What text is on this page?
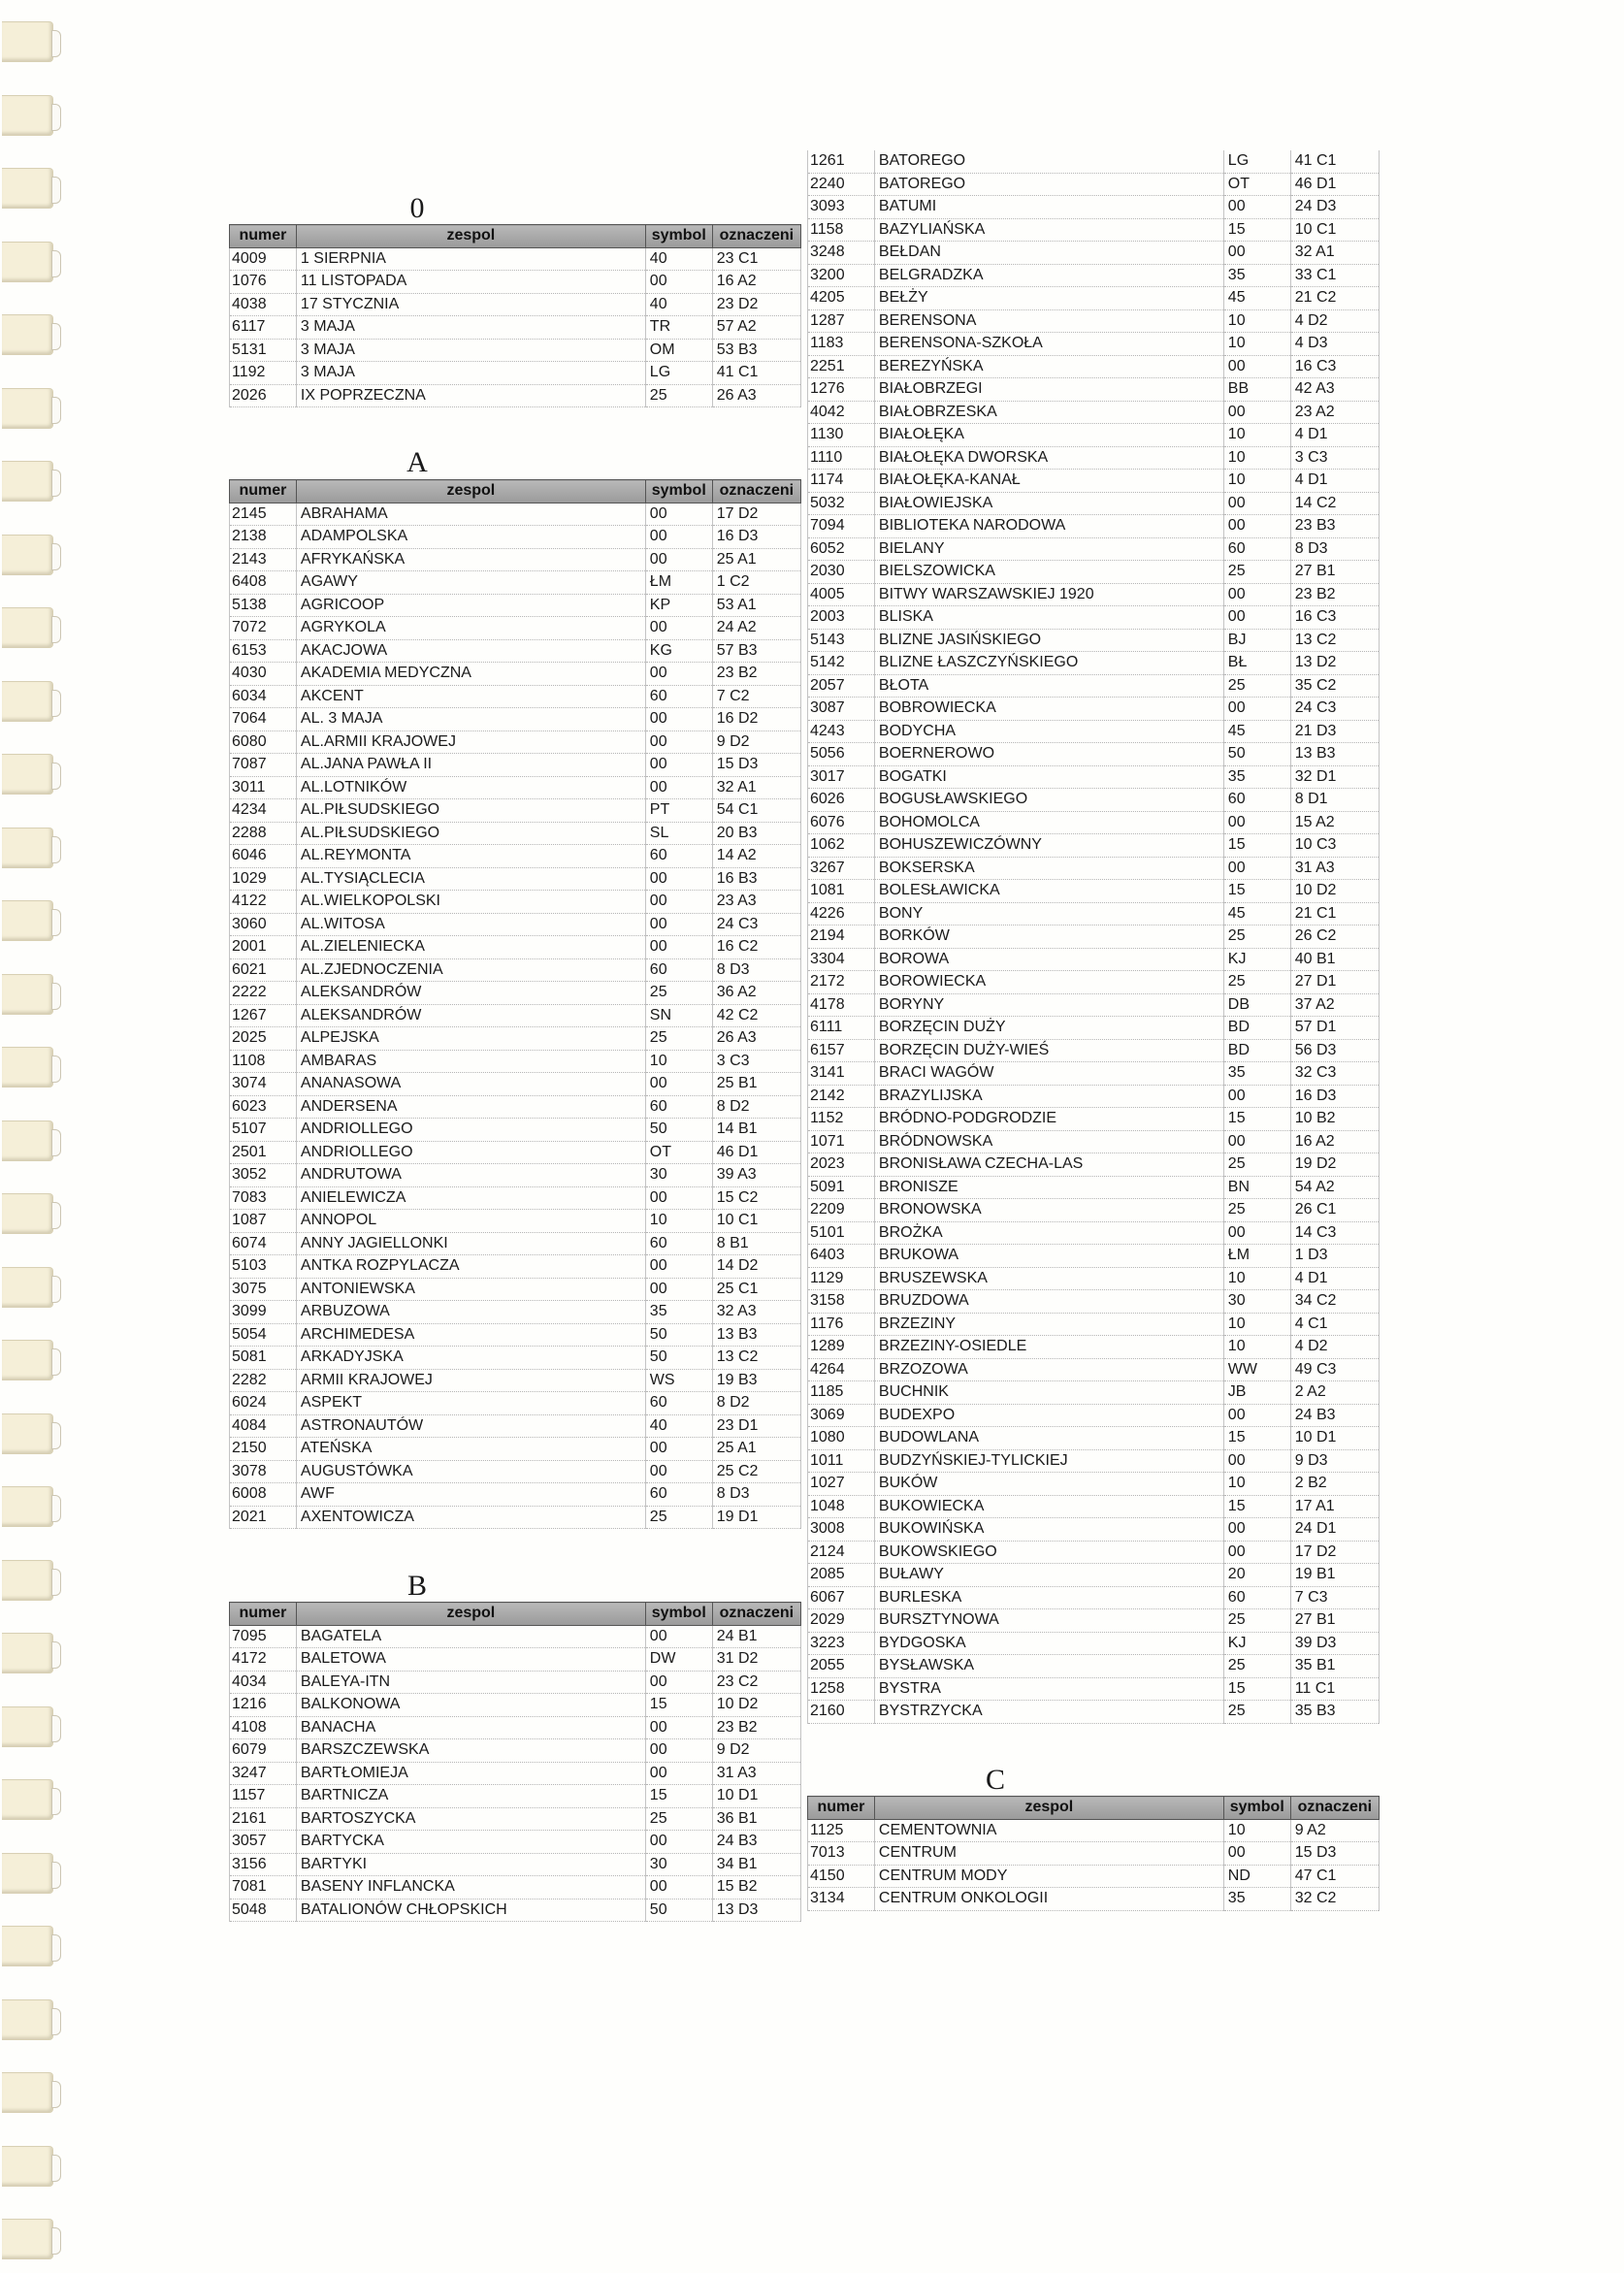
0
numer	zespol	symbol	oznaczeni
4009	1 SIERPNIA	40	23 C1
1076	11 LISTOPADA	00	16 A2
4038	17 STYCZNIA	40	23 D2
6117	3 MAJA	TR	57 A2
5131	3 MAJA	OM	53 B3
1192	3 MAJA	LG	41 C1
2026	IX POPRZECZNA	25	26 A3
A
numer	zespol	symbol	oznaczeni
2145	ABRAHAMA	00	17 D2
2138	ADAMPOLSKA	00	16 D3
2143	AFRYKAŃSKA	00	25 A1
6408	AGAWY	ŁM	1 C2
5138	AGRICOOP	KP	53 A1
7072	AGRYKOLA	00	24 A2
6153	AKACJOWA	KG	57 B3
4030	AKADEMIA MEDYCZNA	00	23 B2
6034	AKCENT	60	7 C2
7064	AL. 3 MAJA	00	16 D2
6080	AL.ARMII KRAJOWEJ	00	9 D2
7087	AL.JANA PAWŁA II	00	15 D3
3011	AL.LOTNIKÓW	00	32 A1
4234	AL.PIŁSUDSKIEGO	PT	54 C1
2288	AL.PIŁSUDSKIEGO	SL	20 B3
6046	AL.REYMONTA	60	14 A2
1029	AL.TYSIĄCLECIA	00	16 B3
4122	AL.WIELKOPOLSKI	00	23 A3
3060	AL.WITOSA	00	24 C3
2001	AL.ZIELENIECKA	00	16 C2
6021	AL.ZJEDNOCZENIA	60	8 D3
2222	ALEKSANDRÓW	25	36 A2
1267	ALEKSANDRÓW	SN	42 C2
2025	ALPEJSKA	25	26 A3
1108	AMBARAS	10	3 C3
3074	ANANASOWA	00	25 B1
6023	ANDERSENA	60	8 D2
5107	ANDRIOLLEGO	50	14 B1
2501	ANDRIOLLEGO	OT	46 D1
3052	ANDRUTOWA	30	39 A3
7083	ANIELEWICZA	00	15 C2
1087	ANNOPOL	10	10 C1
6074	ANNY JAGIELLONKI	60	8 B1
5103	ANTKA ROZPYLACZA	00	14 D2
3075	ANTONIEWSKA	00	25 C1
3099	ARBUZOWA	35	32 A3
5054	ARCHIMEDESA	50	13 B3
5081	ARKADYJSKA	50	13 C2
2282	ARMII KRAJOWEJ	WS	19 B3
6024	ASPEKT	60	8 D2
4084	ASTRONAUTÓW	40	23 D1
2150	ATEŃSKA	00	25 A1
3078	AUGUSTÓWKA	00	25 C2
6008	AWF	60	8 D3
2021	AXENTOWICZA	25	19 D1
B
numer	zespol	symbol	oznaczeni
7095	BAGATELA	00	24 B1
4172	BALETOWA	DW	31 D2
4034	BALEYA-ITN	00	23 C2
1216	BALKONOWA	15	10 D2
4108	BANACHA	00	23 B2
6079	BARSZCZEWSKA	00	9 D2
3247	BARTŁOMIEJA	00	31 A3
1157	BARTNICZA	15	10 D1
2161	BARTOSZYCKA	25	36 B1
3057	BARTYCKA	00	24 B3
3156	BARTYKI	30	34 B1
7081	BASENY INFLANCKA	00	15 B2
5048	BATALIONÓW CHŁOPSKICH	50	13 D3
1261	BATOREGO	LG	41 C1
2240	BATOREGO	OT	46 D1
3093	BATUMI	00	24 D3
1158	BAZYLIAŃSKA	15	10 C1
3248	BEŁDAN	00	32 A1
3200	BELGRADZKA	35	33 C1
4205	BEŁŻY	45	21 C2
1287	BERENSONA	10	4 D2
1183	BERENSONA-SZKOŁA	10	4 D3
2251	BEREZYŃSKA	00	16 C3
1276	BIAŁOBRZEGI	BB	42 A3
4042	BIAŁOBRZESKA	00	23 A2
1130	BIAŁOŁĘKA	10	4 D1
1110	BIAŁOŁĘKA DWORSKA	10	3 C3
1174	BIAŁOŁĘKA-KANAŁ	10	4 D1
5032	BIAŁOWIEJSKA	00	14 C2
7094	BIBLIOTEKA NARODOWA	00	23 B3
6052	BIELANY	60	8 D3
2030	BIELSZOWICKA	25	27 B1
4005	BITWY WARSZAWSKIEJ 1920	00	23 B2
2003	BLISKA	00	16 C3
5143	BLIZNE JASIŃSKIEGO	BJ	13 C2
5142	BLIZNE ŁASZCZYŃSKIEGO	BŁ	13 D2
2057	BŁOTA	25	35 C2
3087	BOBROWIECKA	00	24 C3
4243	BODYCHA	45	21 D3
5056	BOERNEROWO	50	13 B3
3017	BOGATKI	35	32 D1
6026	BOGUSŁAWSKIEGO	60	8 D1
6076	BOHOMOLCA	00	15 A2
1062	BOHUSZEWICZÓWNY	15	10 C3
3267	BOKSERSKA	00	31 A3
1081	BOLESŁAWICKA	15	10 D2
4226	BONY	45	21 C1
2194	BORKÓW	25	26 C2
3304	BOROWA	KJ	40 B1
2172	BOROWIECKA	25	27 D1
4178	BORYNY	DB	37 A2
6111	BORZĘCIN DUŻY	BD	57 D1
6157	BORZĘCIN DUŻY-WIEŚ	BD	56 D3
3141	BRACI WAGÓW	35	32 C3
2142	BRAZYLIJSKA	00	16 D3
1152	BRÓDNO-PODGRODZIE	15	10 B2
1071	BRÓDNOWSKA	00	16 A2
2023	BRONISŁAWA CZECHA-LAS	25	19 D2
5091	BRONISZE	BN	54 A2
2209	BRONOWSKA	25	26 C1
5101	BROŻKA	00	14 C3
6403	BRUKOWA	ŁM	1 D3
1129	BRUSZEWSKA	10	4 D1
3158	BRUZDOWA	30	34 C2
1176	BRZEZINY	10	4 C1
1289	BRZEZINY-OSIEDLE	10	4 D2
4264	BRZOZOWA	WW	49 C3
1185	BUCHNIK	JB	2 A2
3069	BUDEXPO	00	24 B3
1080	BUDOWLANA	15	10 D1
1011	BUDZYŃSKIEJ-TYLICKIEJ	00	9 D3
1027	BUKÓW	10	2 B2
1048	BUKOWIECKA	15	17 A1
3008	BUKOWIŃSKA	00	24 D1
2124	BUKOWSKIEGO	00	17 D2
2085	BUŁAWY	20	19 B1
6067	BURLESKA	60	7 C3
2029	BURSZTYNOWA	25	27 B1
3223	BYDGOSKA	KJ	39 D3
2055	BYSŁAWSKA	25	35 B1
1258	BYSTRA	15	11 C1
2160	BYSTRZYCKA	25	35 B3
C
numer	zespol	symbol	oznaczeni
1125	CEMENTOWNIA	10	9 A2
7013	CENTRUM	00	15 D3
4150	CENTRUM MODY	ND	47 C1
3134	CENTRUM ONKOLOGII	35	32 C2
